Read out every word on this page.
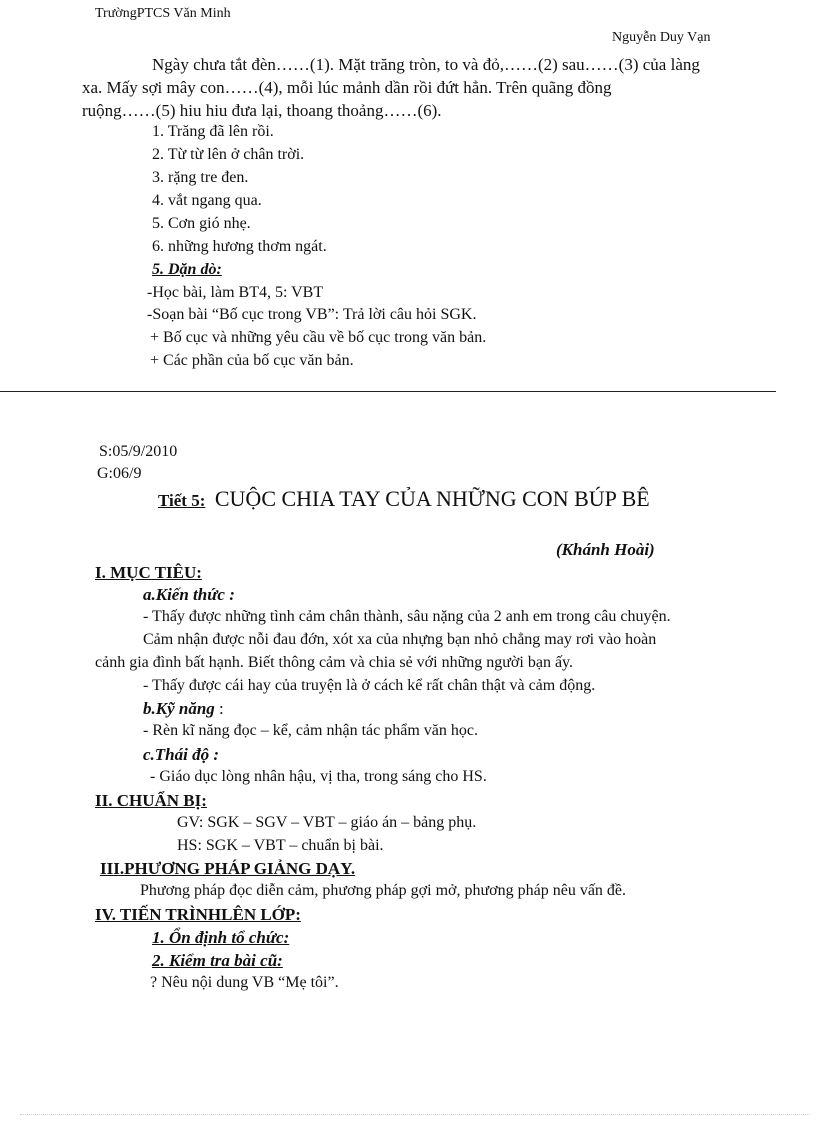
TrườngPTCS Văn Minh
Nguyễn Duy Vạn
Ngày chưa tắt đèn……(1). Mặt trăng tròn, to và đỏ,……(2) sau……(3) của làng
xa. Mấy sợi mây con……(4), mỗi lúc mảnh dần rồi đứt hẳn. Trên quãng đồng
ruộng……(5) hiu hiu đưa lại, thoang thoảng……(6).
1. Trăng đã lên rồi.
2. Từ từ lên ở chân trời.
3. rặng tre đen.
4. vắt ngang qua.
5. Cơn gió nhẹ.
6. những hương thơm ngát.
5. Dặn dò:
-Học bài, làm BT4, 5: VBT
-Soạn bài “Bố cục trong VB”: Trả lời câu hỏi SGK.
+ Bố cục và những yêu cầu về bố cục trong văn bản.
+ Các phần của bố cục văn bản.
S:05/9/2010
G:06/9
Tiết 5: CUỘC CHIA TAY CỦA NHỮNG CON BÚP BÊ
(Khánh Hoài)
I. MỤC TIÊU:
a.Kiến thức :
- Thấy được những tình cảm chân thành, sâu nặng của 2 anh em trong câu chuyện.
Cảm nhận được nỗi đau đớn, xót xa của nhựng bạn nhỏ chẳng may rơi vào hoàn
cảnh gia đình bất hạnh. Biết thông cảm và chia sẻ với những người bạn ấy.
- Thấy được cái hay của truyện là ở cách kể rất chân thật và cảm động.
b.Kỹ năng :
- Rèn kĩ năng đọc – kể, cảm nhận tác phẩm văn học.
c.Thái độ :
- Giáo dục lòng nhân hậu, vị tha, trong sáng cho HS.
II. CHUẨN BỊ:
GV: SGK – SGV – VBT – giáo án – bảng phụ.
HS: SGK – VBT – chuẩn bị bài.
III.PHƯƠNG PHÁP GIẢNG DẠY.
Phương pháp đọc diễn cảm, phương pháp gợi mở, phương pháp nêu vấn đề.
IV. TIẾN TRÌNHLÊN LỚP:
1. Ổn định tổ chức:
2. Kiểm tra bài cũ:
? Nêu nội dung VB “Mẹ tôi”.
